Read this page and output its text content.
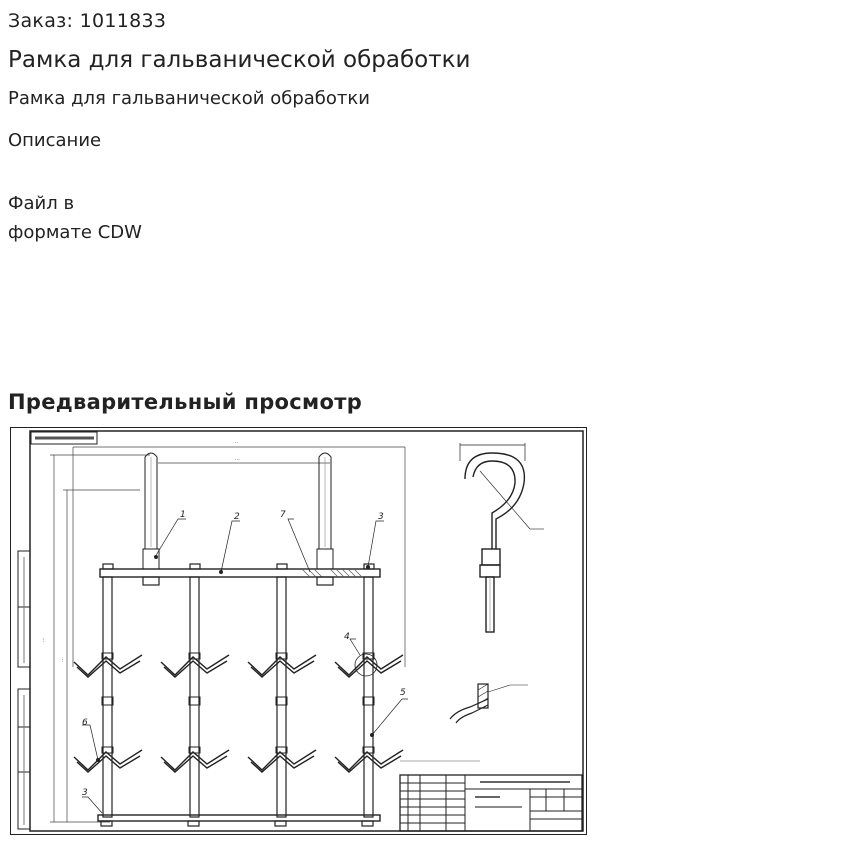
Заказ: 1011833
Рамка для гальванической обработки
Рамка для гальванической обработки
Описание
Файл в
формате CDW
Предварительный просмотр
··
···
···
···
1	2	7	3
4
5
6
3
